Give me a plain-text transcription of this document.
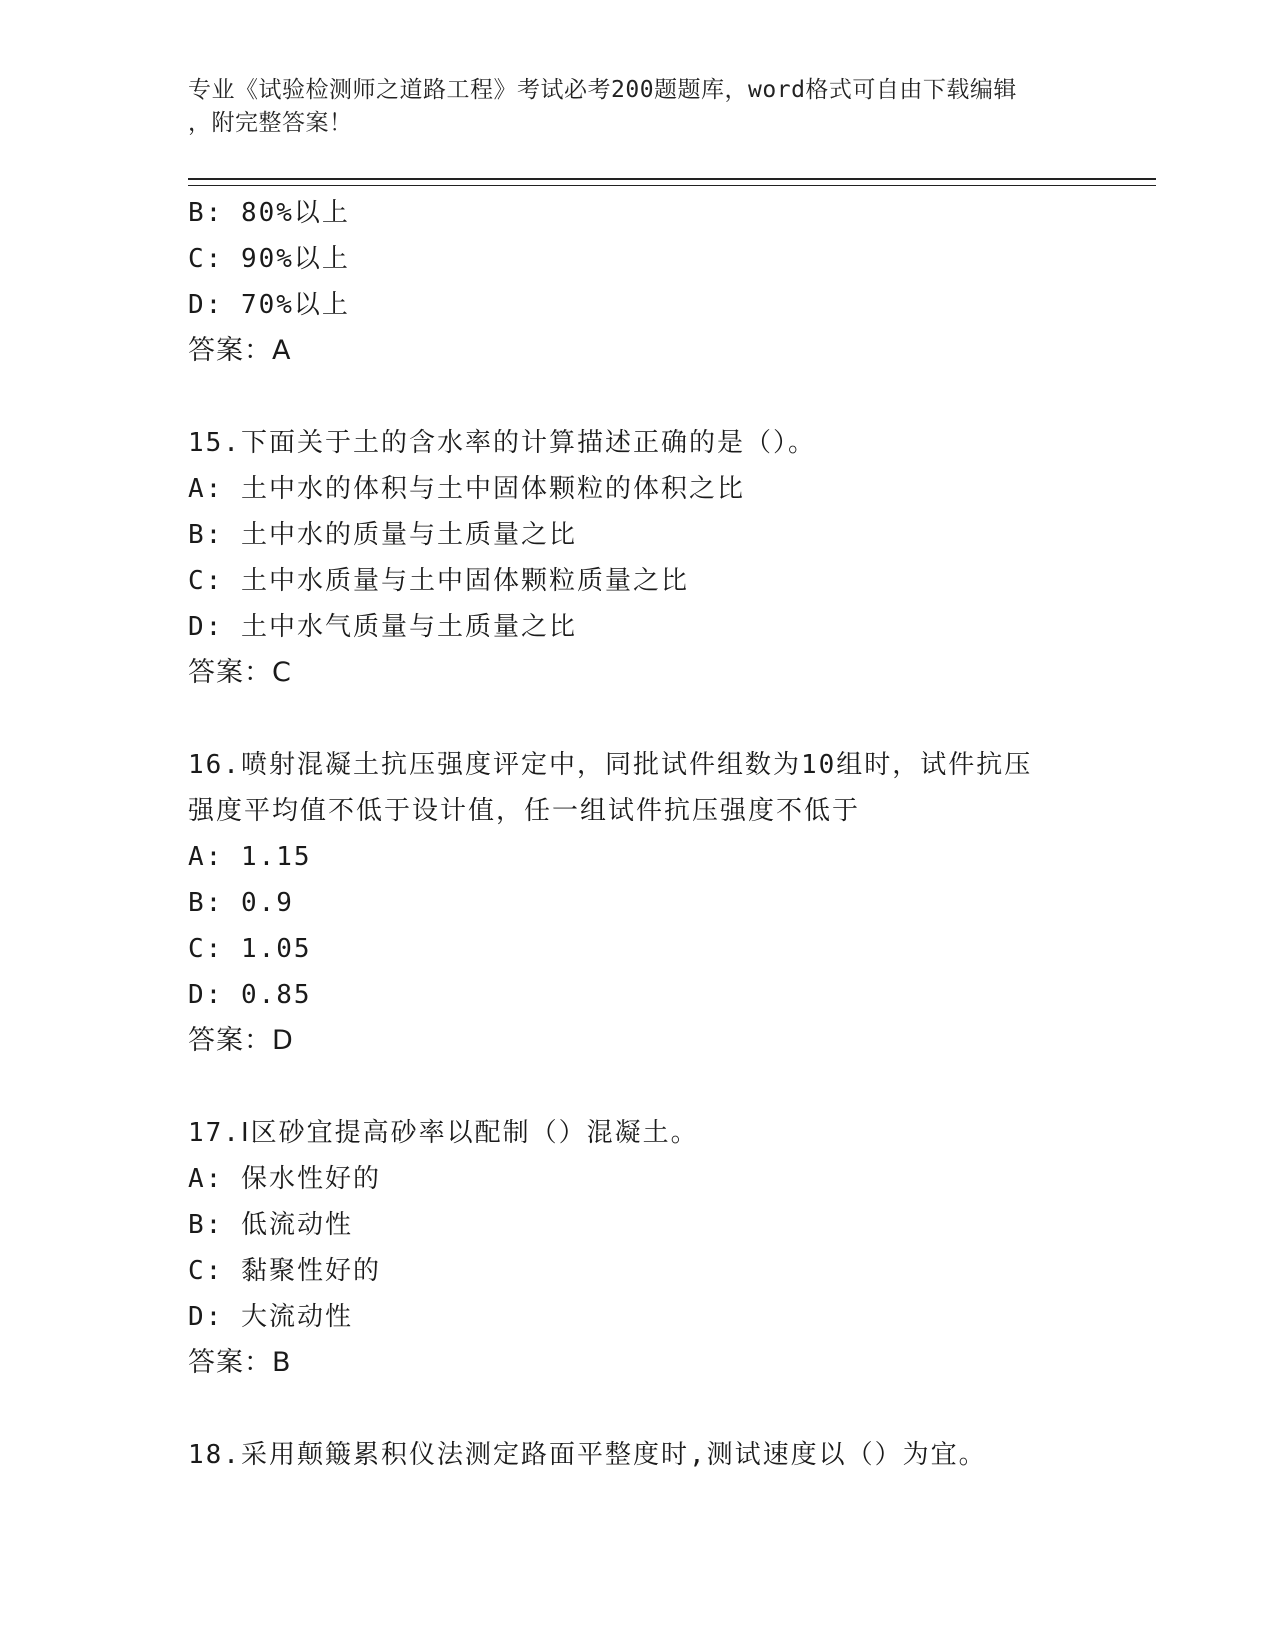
专业《试验检测师之道路工程》考试必考200题题库，word格式可自由下载编辑
，附完整答案！
B: 80%以上
C: 90%以上
D: 70%以上
答案：A
15.下面关于土的含水率的计算描述正确的是（）。
A: 土中水的体积与土中固体颗粒的体积之比
B: 土中水的质量与土质量之比
C: 土中水质量与土中固体颗粒质量之比
D: 土中水气质量与土质量之比
答案：C
16.喷射混凝土抗压强度评定中，同批试件组数为10组时，试件抗压
强度平均值不低于设计值，任一组试件抗压强度不低于
A: 1.15
B: 0.9
C: 1.05
D: 0.85
答案：D
17.Ⅰ区砂宜提高砂率以配制（）混凝土。
A: 保水性好的
B: 低流动性
C: 黏聚性好的
D: 大流动性
答案：B
18.采用颠簸累积仪法测定路面平整度时,测试速度以（）为宜。
